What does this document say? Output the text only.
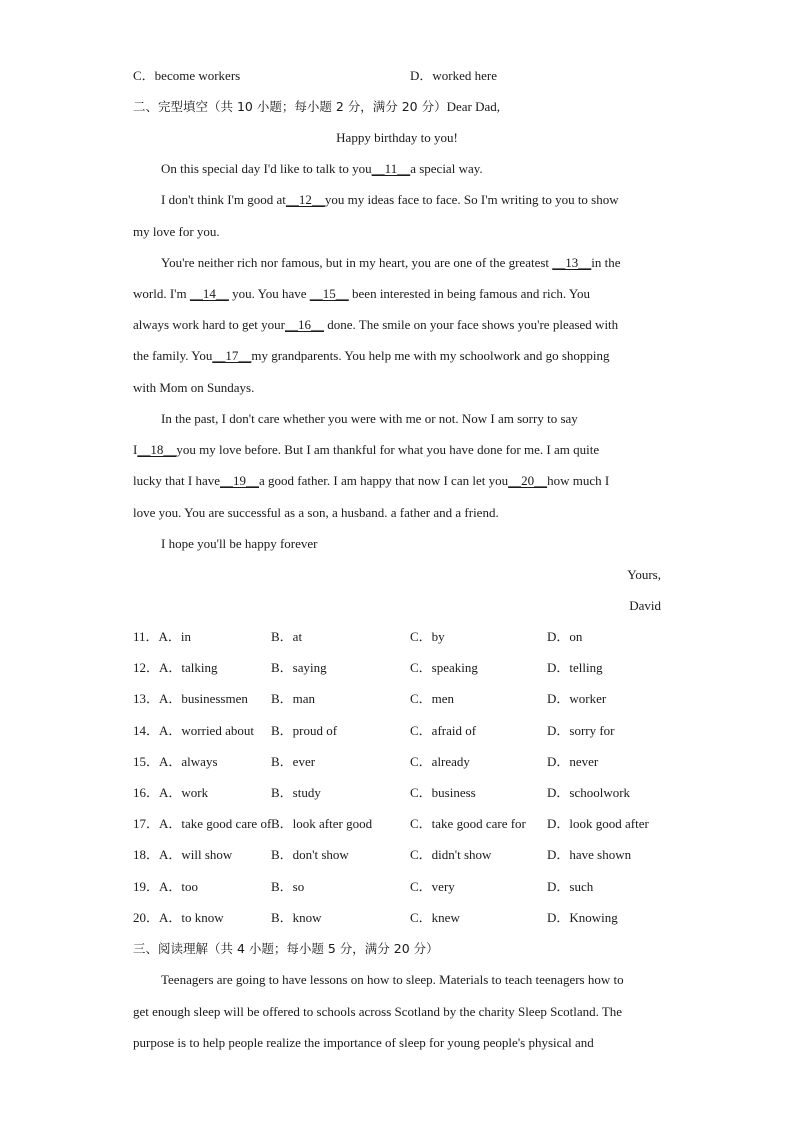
C．become workers	D．worked here
二、完型填空（共 10 小题；每小题 2 分，满分 20 分）Dear Dad,
Happy birthday to you!
On this special day I'd like to talk to you__11__a special way.
I don't think I'm good at__12__you my ideas face to face. So I'm writing to you to show
my love for you.
You're neither rich nor famous, but in my heart, you are one of the greatest __13__in the
world. I'm __14__ you. You have __15__ been interested in being famous and rich. You
always work hard to get your__16__ done. The smile on your face shows you're pleased with
the family. You__17__my grandparents. You help me with my schoolwork and go shopping
with Mom on Sundays.
In the past, I don't care whether you were with me or not. Now I am sorry to say
I__18__you my love before. But I am thankful for what you have done for me. I am quite
lucky that I have__19__a good father. I am happy that now I can let you__20__how much I
love you. You are successful as a son, a husband. a father and a friend.
I hope you'll be happy forever
Yours,
David
11．A．in	B．at	C．by	D．on
12．A．talking	B．saying	C．speaking	D．telling
13．A．businessmen B．man	C．men	D．worker
14．A．worried about B．proud of	C．afraid of	D．sorry for
15．A．always	B．ever	C．already	D．never
16．A．work	B．study	C．business	D．schoolwork
17．A．take good care of B．look after good	C．take good care for D．look good after
18．A．will show	B．don't show	C．didn't show	D．have shown
19．A．too	B．so	C．very	D．such
20．A．to know	B．know	C．knew	D．Knowing
三、阅读理解（共 4 小题；每小题 5 分，满分 20 分）
Teenagers are going to have lessons on how to sleep. Materials to teach teenagers how to
get enough sleep will be offered to schools across Scotland by the charity Sleep Scotland. The
purpose is to help people realize the importance of sleep for young people's physical and
